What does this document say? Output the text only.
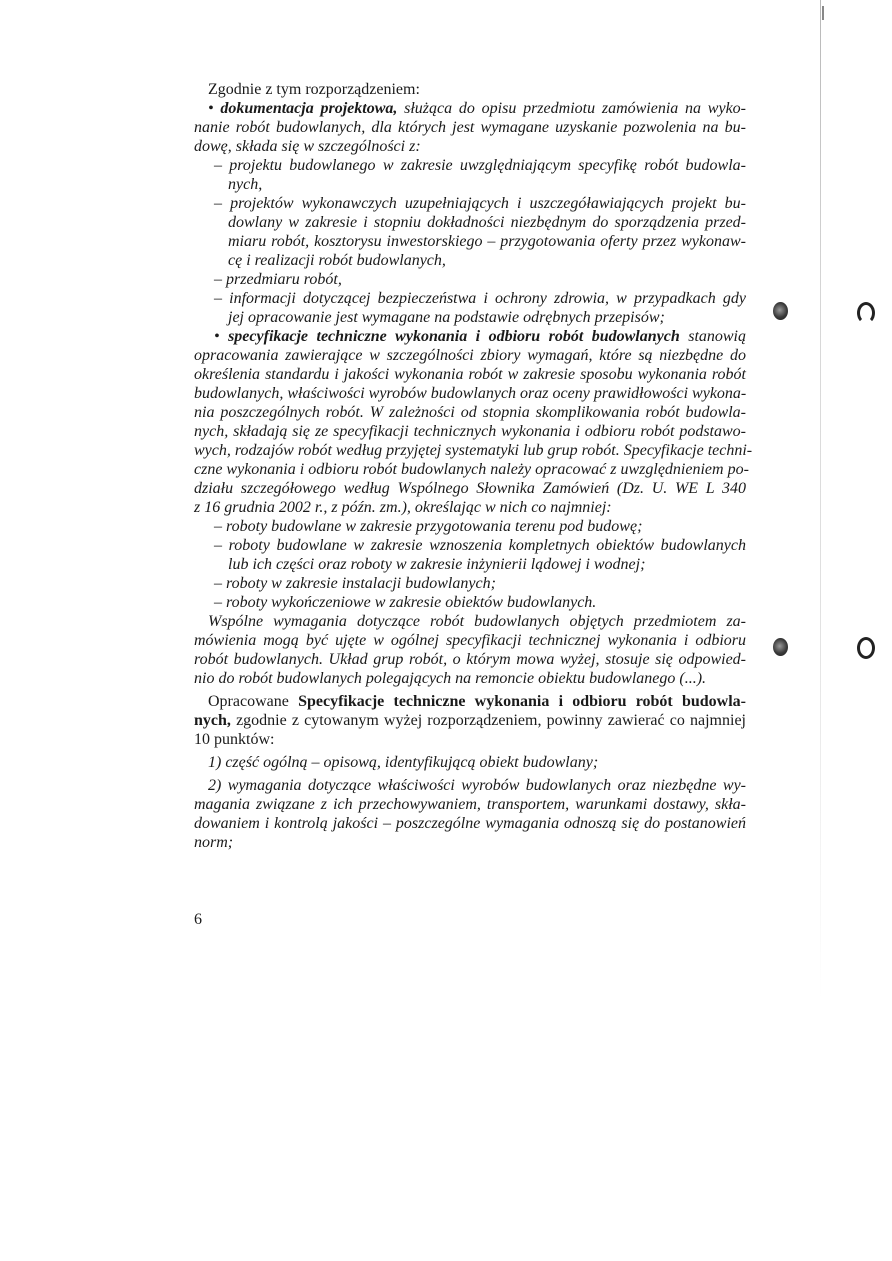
Zgodnie z tym rozporządzeniem:
• dokumentacja projektowa, służąca do opisu przedmiotu zamówienia na wyko-
nanie robót budowlanych, dla których jest wymagane uzyskanie pozwolenia na bu-
dowę, składa się w szczególności z:
– projektu budowlanego w zakresie uwzględniającym specyfikę robót budowla-
nych,
– projektów wykonawczych uzupełniających i uszczegóławiających projekt bu-
dowlany w zakresie i stopniu dokładności niezbędnym do sporządzenia przed-
miaru robót, kosztorysu inwestorskiego – przygotowania oferty przez wykonaw-
cę i realizacji robót budowlanych,
– przedmiaru robót,
– informacji dotyczącej bezpieczeństwa i ochrony zdrowia, w przypadkach gdy
jej opracowanie jest wymagane na podstawie odrębnych przepisów;
• specyfikacje techniczne wykonania i odbioru robót budowlanych stanowią
opracowania zawierające w szczególności zbiory wymagań, które są niezbędne do
określenia standardu i jakości wykonania robót w zakresie sposobu wykonania robót
budowlanych, właściwości wyrobów budowlanych oraz oceny prawidłowości wykona-
nia poszczególnych robót. W zależności od stopnia skomplikowania robót budowla-
nych, składają się ze specyfikacji technicznych wykonania i odbioru robót podstawo-
wych, rodzajów robót według przyjętej systematyki lub grup robót. Specyfikacje techni-
czne wykonania i odbioru robót budowlanych należy opracować z uwzględnieniem po-
działu szczegółowego według Wspólnego Słownika Zamówień (Dz. U. WE L 340
z 16 grudnia 2002 r., z późn. zm.), określając w nich co najmniej:
– roboty budowlane w zakresie przygotowania terenu pod budowę;
– roboty budowlane w zakresie wznoszenia kompletnych obiektów budowlanych
lub ich części oraz roboty w zakresie inżynierii lądowej i wodnej;
– roboty w zakresie instalacji budowlanych;
– roboty wykończeniowe w zakresie obiektów budowlanych.
Wspólne wymagania dotyczące robót budowlanych objętych przedmiotem za-
mówienia mogą być ujęte w ogólnej specyfikacji technicznej wykonania i odbioru
robót budowlanych. Układ grup robót, o którym mowa wyżej, stosuje się odpowied-
nio do robót budowlanych polegających na remoncie obiektu budowlanego (...).
Opracowane Specyfikacje techniczne wykonania i odbioru robót budowla-
nych, zgodnie z cytowanym wyżej rozporządzeniem, powinny zawierać co najmniej
10 punktów:
1) część ogólną – opisową, identyfikującą obiekt budowlany;
2) wymagania dotyczące właściwości wyrobów budowlanych oraz niezbędne wy-
magania związane z ich przechowywaniem, transportem, warunkami dostawy, skła-
dowaniem i kontrolą jakości – poszczególne wymagania odnoszą się do postanowień
norm;
6
